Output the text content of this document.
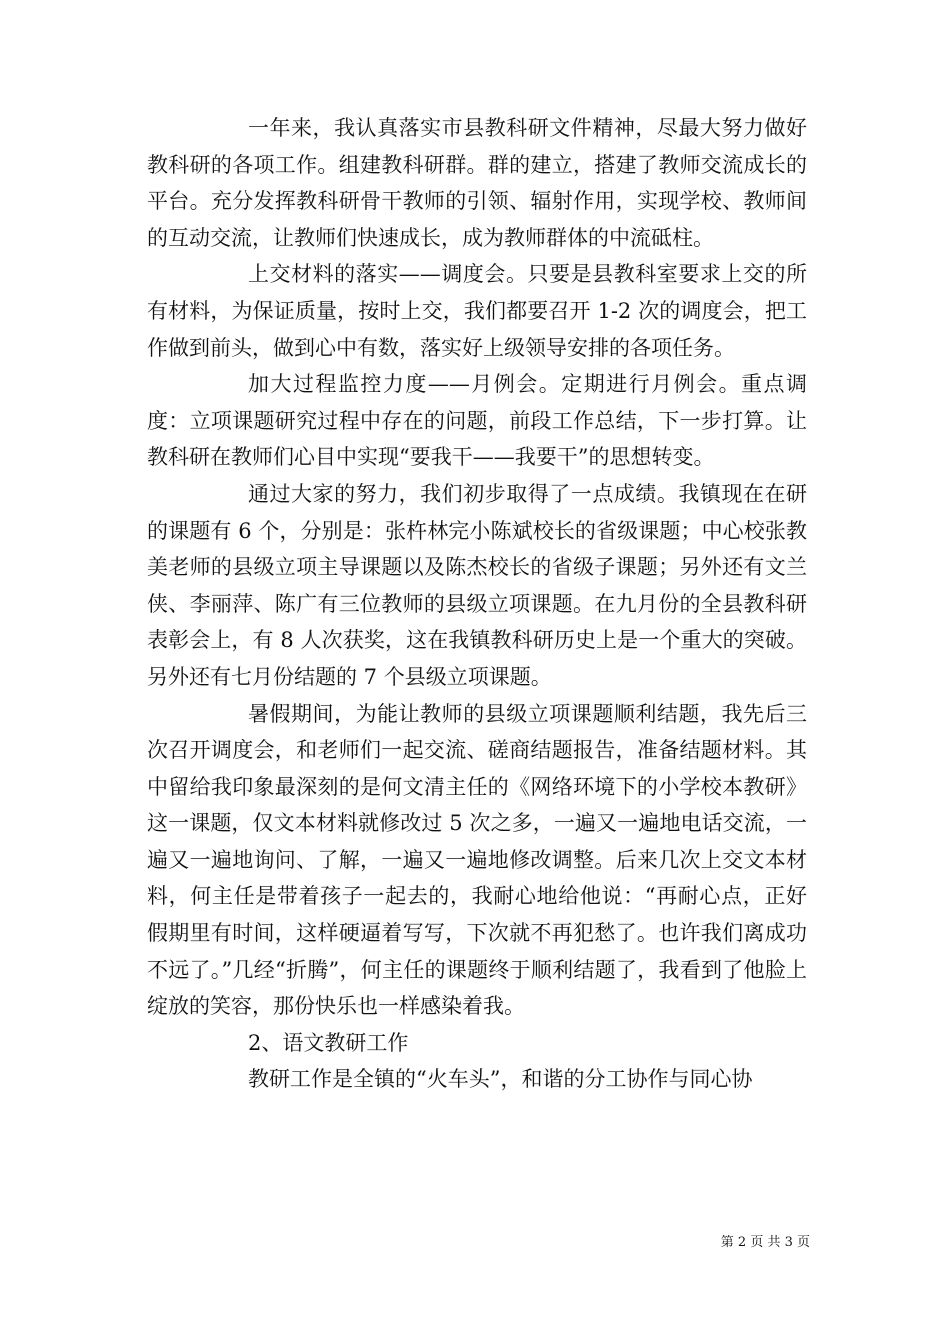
一年来，我认真落实市县教科研文件精神，尽最大努力做好教科研的各项工作。组建教科研群。群的建立，搭建了教师交流成长的平台。充分发挥教科研骨干教师的引领、辐射作用，实现学校、教师间的互动交流，让教师们快速成长，成为教师群体的中流砥柱。

上交材料的落实——调度会。只要是县教科室要求上交的所有材料，为保证质量，按时上交，我们都要召开 1-2 次的调度会，把工作做到前头，做到心中有数，落实好上级领导安排的各项任务。

加大过程监控力度——月例会。定期进行月例会。重点调度：立项课题研究过程中存在的问题，前段工作总结，下一步打算。让教科研在教师们心目中实现“要我干——我要干”的思想转变。

通过大家的努力，我们初步取得了一点成绩。我镇现在在研的课题有 6 个，分别是：张杵林完小陈斌校长的省级课题；中心校张教美老师的县级立项主导课题以及陈杰校长的省级子课题；另外还有文兰侠、李丽萍、陈广有三位教师的县级立项课题。在九月份的全县教科研表彰会上，有 8 人次获奖，这在我镇教科研历史上是一个重大的突破。另外还有七月份结题的 7 个县级立项课题。

暑假期间，为能让教师的县级立项课题顺利结题，我先后三次召开调度会，和老师们一起交流、磋商结题报告，准备结题材料。其中留给我印象最深刻的是何文清主任的《网络环境下的小学校本教研》这一课题，仅文本材料就修改过 5 次之多，一遍又一遍地电话交流，一遍又一遍地询问、了解，一遍又一遍地修改调整。后来几次上交文本材料，何主任是带着孩子一起去的，我耐心地给他说：“再耐心点，正好假期里有时间，这样硬逼着写写，下次就不再犯愁了。也许我们离成功不远了。”几经“折腾”，何主任的课题终于顺利结题了，我看到了他脸上绽放的笑容，那份快乐也一样感染着我。

2、语文教研工作

教研工作是全镇的“火车头”，和谐的分工协作与同心协

第 2 页 共 3 页
